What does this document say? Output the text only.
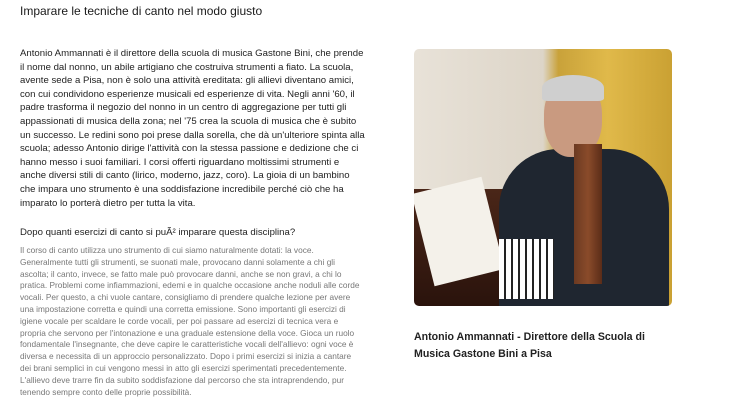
Imparare le tecniche di canto nel modo giusto
Antonio Ammannati è il direttore della scuola di musica Gastone Bini, che prende
il nome dal nonno, un abile artigiano che costruiva strumenti a fiato. La scuola,
avente sede a Pisa, non è solo una attività ereditata: gli allievi diventano amici,
con cui condividono esperienze musicali ed esperienze di vita. Negli anni '60, il
padre trasforma il negozio del nonno in un centro di aggregazione per tutti gli
appassionati di musica della zona; nel '75 crea la scuola di musica che è subito
un successo. Le redini sono poi prese dalla sorella, che dà un'ulteriore spinta alla
scuola; adesso Antonio dirige l'attività con la stessa passione e dedizione che ci
hanno messo i suoi familiari. I corsi offerti riguardano moltissimi strumenti e
anche diversi stili di canto (lirico, moderno, jazz, coro). La gioia di un bambino
che impara uno strumento è una soddisfazione incredibile perché ciò che ha
imparato lo porterà dietro per tutta la vita.
Dopo quanti esercizi di canto si puÃ² imparare questa disciplina?
Il corso di canto utilizza uno strumento di cui siamo naturalmente dotati: la voce.
Generalmente tutti gli strumenti, se suonati male, provocano danni solamente a chi gli
ascolta; il canto, invece, se fatto male può provocare danni, anche se non gravi, a chi lo
pratica. Problemi come infiammazioni, edemi e in qualche occasione anche noduli alle corde
vocali. Per questo, a chi vuole cantare, consigliamo di prendere qualche lezione per avere
una impostazione corretta e quindi una corretta emissione. Sono importanti gli esercizi di
igiene vocale per scaldare le corde vocali, per poi passare ad esercizi di tecnica vera e
propria che servono per l'intonazione e una graduale estensione della voce. Gioca un ruolo
fondamentale l'insegnante, che deve capire le caratteristiche vocali dell'allievo: ogni voce è
diversa e necessita di un approccio personalizzato. Dopo i primi esercizi si inizia a cantare
dei brani semplici in cui vengono messi in atto gli esercizi sperimentati precedentemente.
L'allievo deve trarre fin da subito soddisfazione dal percorso che sta intraprendendo, pur
tenendo sempre conto delle proprie possibilità.
Antonio Ammannati - Direttore della Scuola di
Musica Gastone Bini a Pisa
